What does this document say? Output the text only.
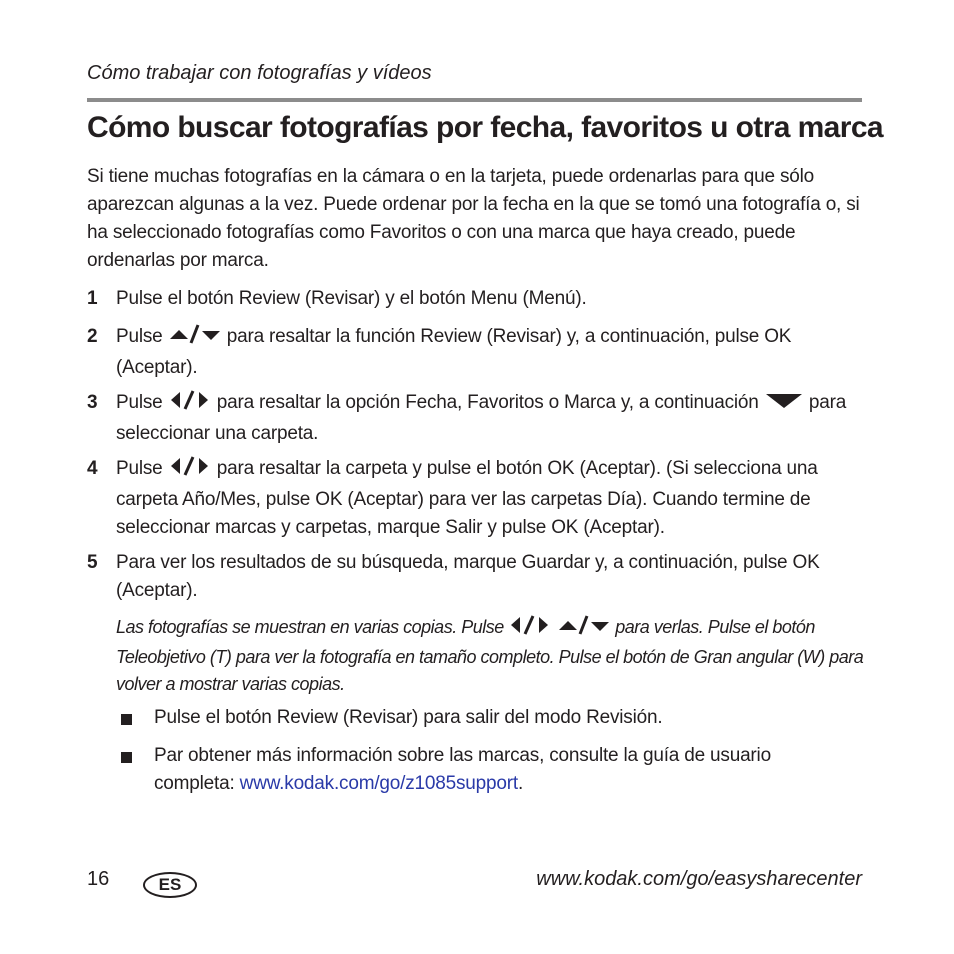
Cómo trabajar con fotografías y vídeos
Cómo buscar fotografías por fecha, favoritos u otra marca

Si tiene muchas fotografías en la cámara o en la tarjeta, puede ordenarlas para que sólo aparezcan algunas a la vez. Puede ordenar por la fecha en la que se tomó una fotografía o, si ha seleccionado fotografías como Favoritos o con una marca que haya creado, puede ordenarlas por marca.

1 Pulse el botón Review (Revisar) y el botón Menu (Menú).
2 Pulse	para resaltar la función Review (Revisar) y, a continuación, pulse OK (Aceptar).
3 Pulse	para resaltar la opción Fecha, Favoritos o Marca y, a continuación	para seleccionar una carpeta.
4 Pulse	para resaltar la carpeta y pulse el botón OK (Aceptar). (Si selecciona una carpeta Año/Mes, pulse OK (Aceptar) para ver las carpetas Día). Cuando termine de seleccionar marcas y carpetas, marque Salir y pulse OK (Aceptar).
5 Para ver los resultados de su búsqueda, marque Guardar y, a continuación, pulse OK (Aceptar).
Las fotografías se muestran en varias copias. Pulse	para verlas. Pulse el botón Teleobjetivo (T) para ver la fotografía en tamaño completo. Pulse el botón de Gran angular (W) para volver a mostrar varias copias.
Pulse el botón Review (Revisar) para salir del modo Revisión.
Par obtener más información sobre las marcas, consulte la guía de usuario completa: www.kodak.com/go/z1085support.
16	ES	www.kodak.com/go/easysharecenter
